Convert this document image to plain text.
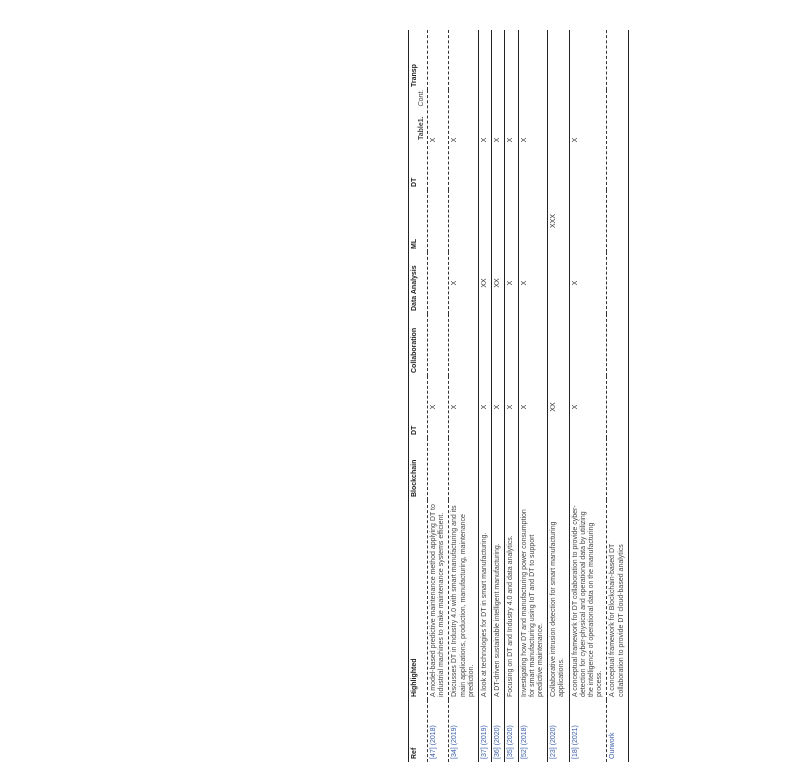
Table1. Cont.
Ref	Highlighted	Blockchain	DT	Collaboration	Data Analysis	ML	DT	Transp
[47] (2018)	A model-based predictive maintenance method applying DT to industrial machines to make maintenance systems efficient.		X				X	
[34] (2019)	Discusses DT in Industry 4.0 with smart manufacturing and its main applications, production, manufacturing, maintenance prediction.		X		X		X	
[37] (2019)	A look at technologies for DT in smart manufacturing.		X		XX		X	
[36] (2020)	A DT-driven sustainable intelligent manufacturing.		X		XX		X	
[35] (2020)	Focusing on DT and Industry 4.0 and data analytics.		X		X		X	
[52] (2018)	Investigating how DT and manufacturing power consumption for smart manufacturing using IoT and DT to support predictive maintenance.		X		X		X	
[23] (2020)	Collaborative intrusion detection for smart manufacturing applications.		XX			XXX		
[18] (2021)	A conceptual framework for DT collaboration to provide cyber-detection for cyber-physical and operational data by utilizing the intelligence of operational data on the manufacturing process.		X		X		X	
Ourwork	A conceptual framework for Blockchain-based DT collaboration to provide DT cloud-based analytics							
